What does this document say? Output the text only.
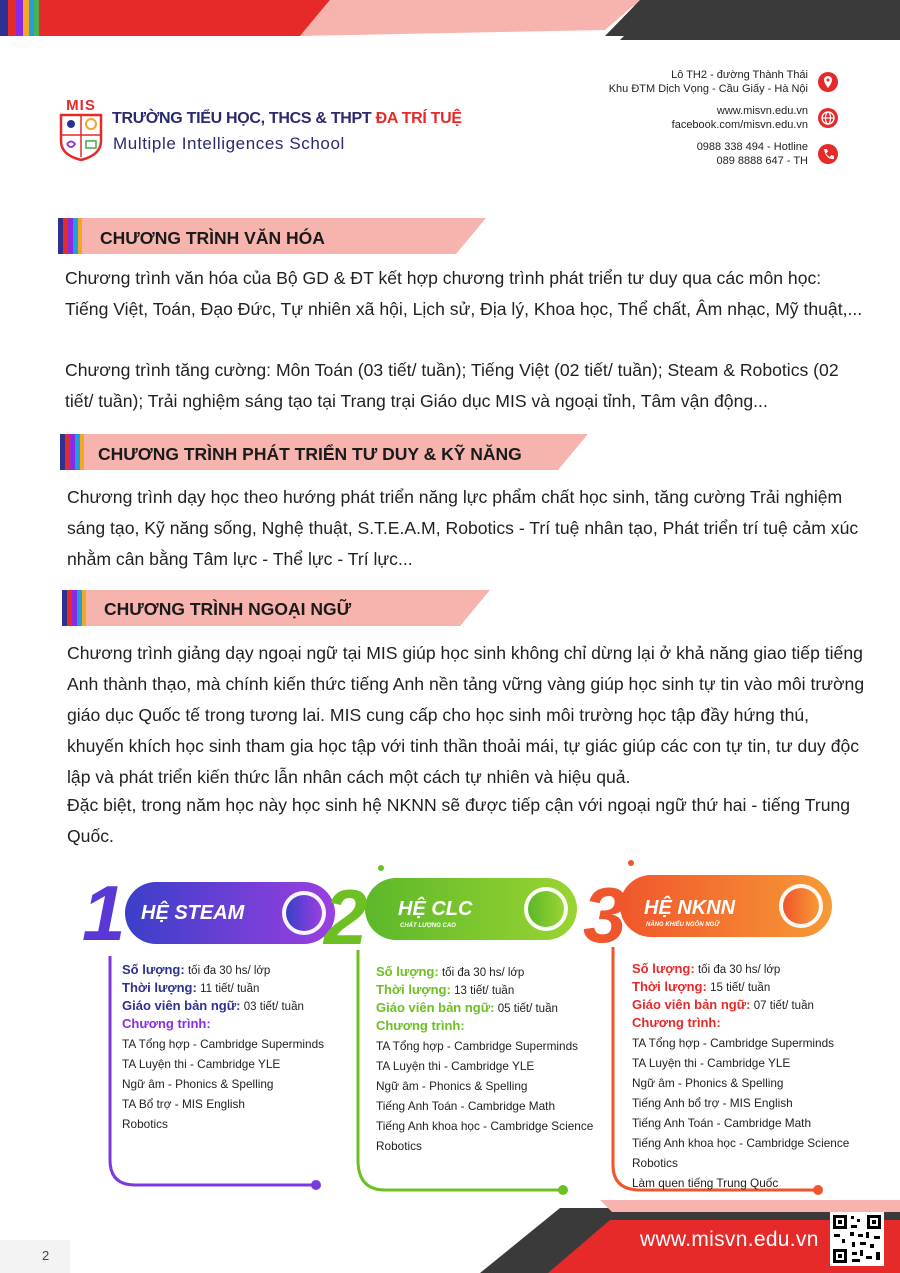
MIS
TRƯỜNG TIỂU HỌC, THCS & THPT ĐA TRÍ TUỆ
Multiple Intelligences School
Lô TH2 - đường Thành Thái
Khu ĐTM Dịch Vọng - Cầu Giấy - Hà Nội
www.misvn.edu.vn
facebook.com/misvn.edu.vn
0988 338 494 - Hotline
089 8888 647 - TH
CHƯƠNG TRÌNH VĂN HÓA
Chương trình văn hóa của Bộ GD & ĐT kết hợp chương trình phát triển tư duy qua các môn học: Tiếng Việt, Toán, Đạo Đức, Tự nhiên xã hội, Lịch sử, Địa lý, Khoa học, Thể chất, Âm nhạc, Mỹ thuật,...
Chương trình tăng cường: Môn Toán (03 tiết/ tuần); Tiếng Việt (02 tiết/ tuần); Steam & Robotics (02 tiết/ tuần); Trải nghiệm sáng tạo tại Trang trại Giáo dục MIS và ngoại tỉnh, Tâm vận động...
CHƯƠNG TRÌNH PHÁT TRIỂN TƯ DUY & KỸ NĂNG
Chương trình dạy học theo hướng phát triển năng lực phẩm chất học sinh, tăng cường Trải nghiệm sáng tạo, Kỹ năng sống, Nghệ thuật, S.T.E.A.M, Robotics - Trí tuệ nhân tạo, Phát triển trí tuệ cảm xúc nhằm cân bằng Tâm lực - Thể lực - Trí lực...
CHƯƠNG TRÌNH NGOẠI NGỮ
Chương trình giảng dạy ngoại ngữ tại MIS giúp học sinh không chỉ dừng lại ở khả năng giao tiếp tiếng Anh thành thạo, mà chính kiến thức tiếng Anh nền tảng vững vàng giúp học sinh tự tin vào môi trường giáo dục Quốc tế trong tương lai. MIS cung cấp cho học sinh môi trường học tập đầy hứng thú, khuyến khích học sinh tham gia học tập với tinh thần thoải mái, tự giác giúp các con tự tin, tư duy độc lập và phát triển kiến thức lẫn nhân cách một cách tự nhiên và hiệu quả.
Đặc biệt, trong năm học này học sinh hệ NKNN sẽ được tiếp cận với ngoại ngữ thứ hai - tiếng Trung Quốc.
1 HỆ STEAM
Số lượng: tối đa 30 hs/ lớp
Thời lượng: 11 tiết/ tuần
Giáo viên bản ngữ: 03 tiết/ tuần
Chương trình:
TA Tổng hợp - Cambridge Superminds
TA Luyện thi - Cambridge YLE
Ngữ âm - Phonics & Spelling
TA Bổ trợ - MIS English
Robotics
2 HỆ CLC
CHẤT LƯỢNG CAO
Số lượng: tối đa 30 hs/ lớp
Thời lượng: 13 tiết/ tuần
Giáo viên bản ngữ: 05 tiết/ tuần
Chương trình:
TA Tổng hợp - Cambridge Superminds
TA Luyện thi - Cambridge YLE
Ngữ âm - Phonics & Spelling
Tiếng Anh Toán - Cambridge Math
Tiếng Anh khoa học - Cambridge Science
Robotics
3 HỆ NKNN
NĂNG KHIẾU NGÔN NGỮ
Số lượng: tối đa 30 hs/ lớp
Thời lượng: 15 tiết/ tuần
Giáo viên bản ngữ: 07 tiết/ tuần
Chương trình:
TA Tổng hợp - Cambridge Superminds
TA Luyện thi - Cambridge YLE
Ngữ âm - Phonics & Spelling
Tiếng Anh bổ trợ - MIS English
Tiếng Anh Toán - Cambridge Math
Tiếng Anh khoa học - Cambridge Science
Robotics
Làm quen tiếng Trung Quốc
www.misvn.edu.vn
2
